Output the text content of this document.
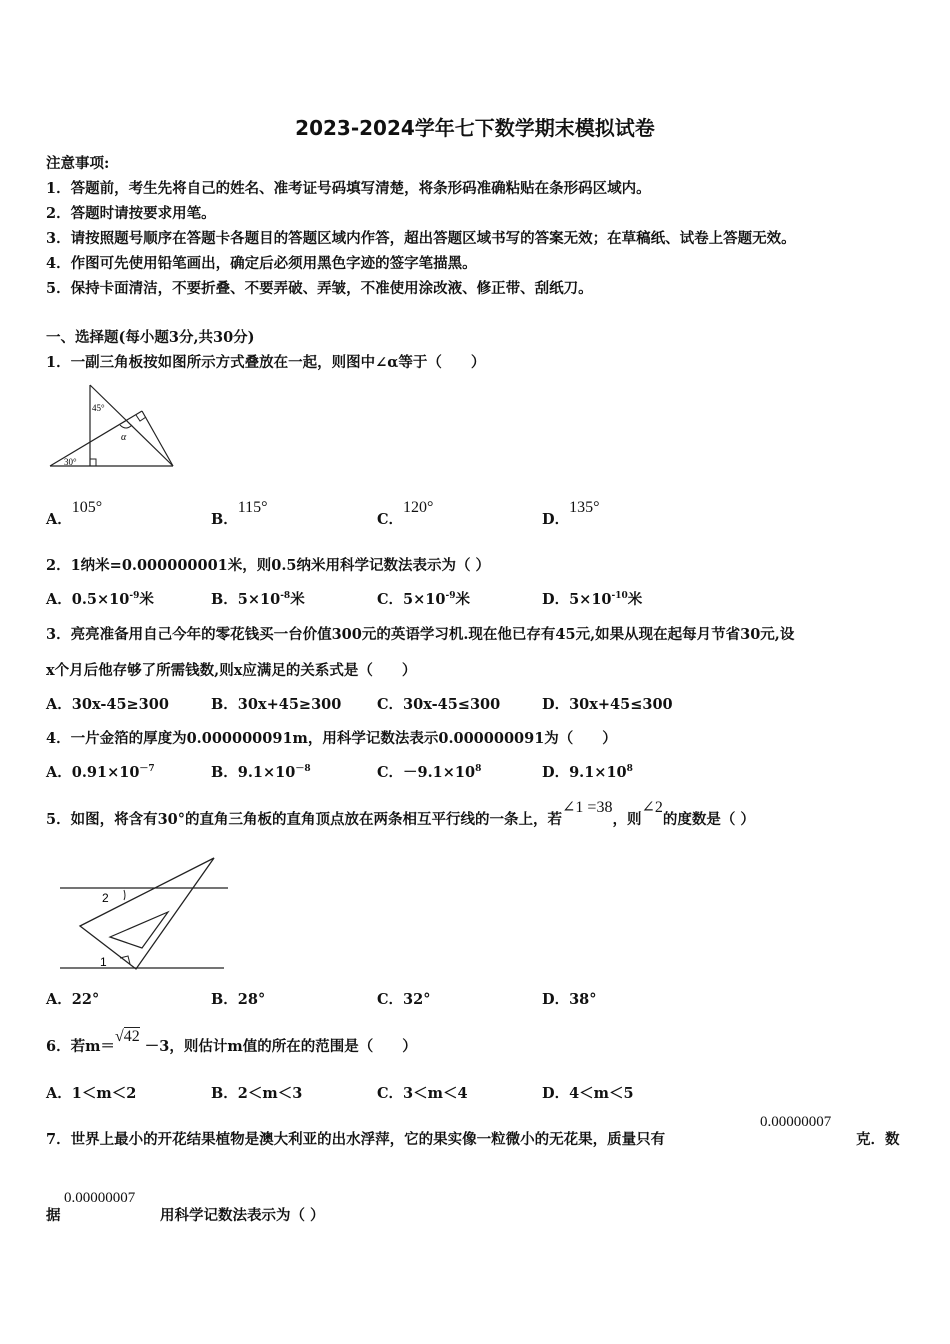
2023-2024学年七下数学期末模拟试卷
注意事项:
1．答题前，考生先将自己的姓名、准考证号码填写清楚，将条形码准确粘贴在条形码区域内。
2．答题时请按要求用笔。
3．请按照题号顺序在答题卡各题目的答题区域内作答，超出答题区域书写的答案无效；在草稿纸、试卷上答题无效。
4．作图可先使用铅笔画出，确定后必须用黑色字迹的签字笔描黑。
5．保持卡面清洁，不要折叠、不要弄破、弄皱，不准使用涂改液、修正带、刮纸刀。
一、选择题(每小题3分,共30分)
1．一副三角板按如图所示方式叠放在一起，则图中∠α等于（　　）
45°
α
30°
A．105°
B．115°
C．120°
D．135°
2．1纳米=0.000000001米，则0.5纳米用科学记数法表示为（ ）
A．$0.5\times 10^{-9}$米	B．$5\times 10^{-8}$米	C．$5\times 10^{-9}$米	D．$5\times 10^{-10}$米
3．亮亮准备用自己今年的零花钱买一台价值300元的英语学习机.现在他已存有45元,如果从现在起每月节省30元,设
x个月后他存够了所需钱数,则x应满足的关系式是（　　）
A．30x-45≥300	B．30x+45≥300 C．30x-45≤300	D．30x+45≤300
4．一片金箔的厚度为0.000000091m，用科学记数法表示0.000000091为（　　）
A．$0.91\times 10^{-7}$	B．$9.1\times 10^{-8}$	C．$-9.1\times 10^8$	D．$9.1\times 10^8$
5．如图，将含有30°的直角三角板的直角顶点放在两条相互平行线的一条上，若∠1 =38，则∠2的度数是（ ）
2
1
A．22°	B．28°	C．32°	D．38°
6．若m＝√42 －3，则估计m值的所在的范围是（　　）
A．1＜m＜2	B．2＜m＜3	C．3＜m＜4	D．4＜m＜5
7．世界上最小的开花结果植物是澳大利亚的出水浮萍，它的果实像一粒微小的无花果，质量只有
0.00000007
克．数
据
0.00000007
用科学记数法表示为（ ）
